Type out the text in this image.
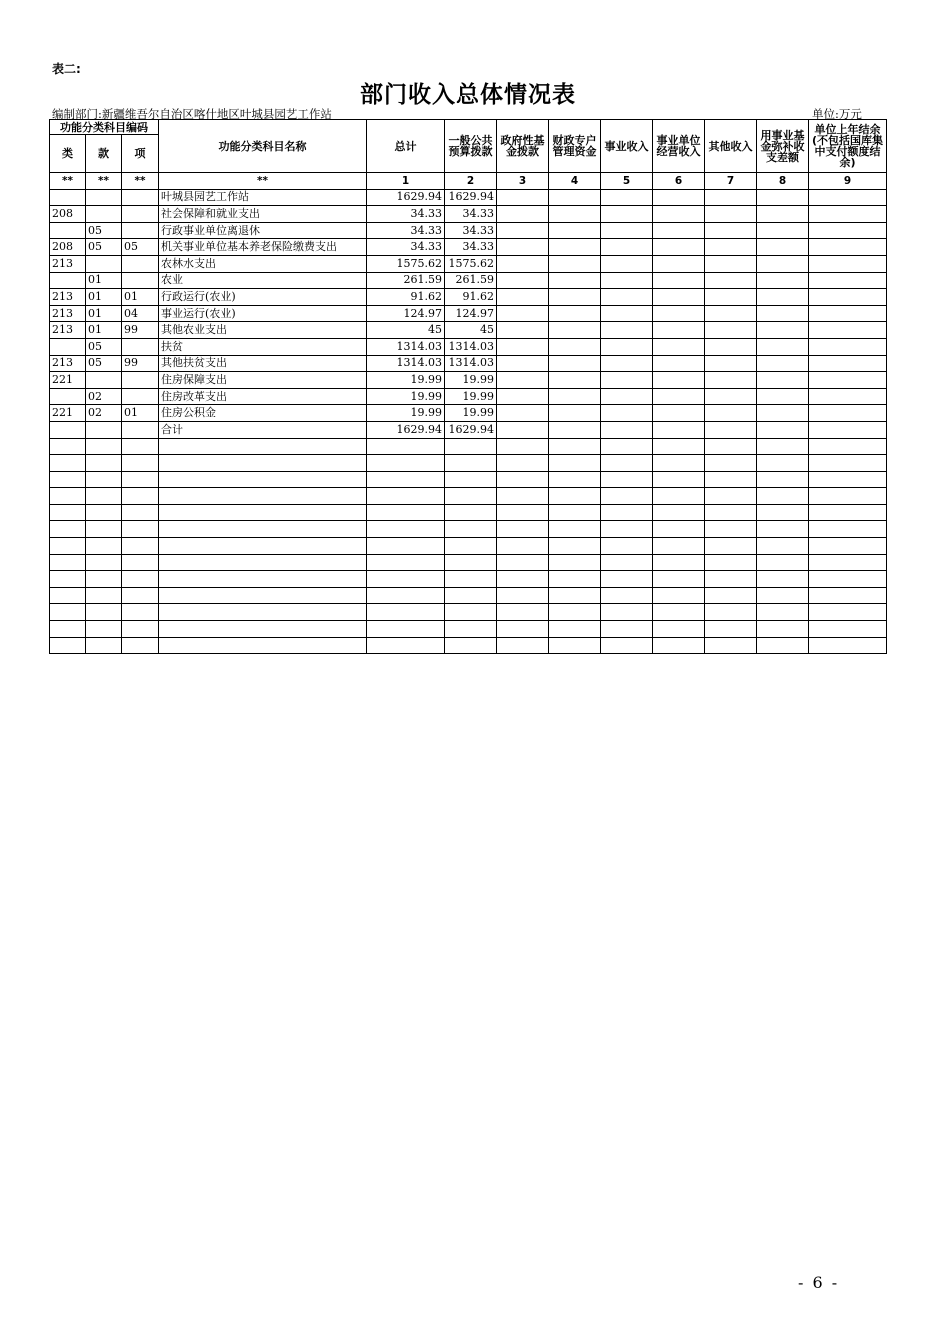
表二:
部门收入总体情况表
编制部门:新疆维吾尔自治区喀什地区叶城县园艺工作站	单位:万元
功能分类科目编码			功能分类科目名称	总计	一般公共预算拨款	政府性基金拨款	财政专户管理资金	事业收入	事业单位经营收入	其他收入	用事业基金弥补收支差额	单位上年结余(不包括国库集中支付额度结余)
类	款	项										
**	**	**	**	1	2	3	4	5	6	7	8	9
			叶城县园艺工作站	1629.94	1629.94							
208			社会保障和就业支出	34.33	34.33							
	05		行政事业单位离退休	34.33	34.33							
208	05	05	机关事业单位基本养老保险缴费支出	34.33	34.33							
213			农林水支出	1575.62	1575.62							
	01		农业	261.59	261.59							
213	01	01	行政运行(农业)	91.62	91.62							
213	01	04	事业运行(农业)	124.97	124.97							
213	01	99	其他农业支出	45	45							
	05		扶贫	1314.03	1314.03							
213	05	99	其他扶贫支出	1314.03	1314.03							
221			住房保障支出	19.99	19.99							
	02		住房改革支出	19.99	19.99							
221	02	01	住房公积金	19.99	19.99							
			合计	1629.94	1629.94							

- 6 -
